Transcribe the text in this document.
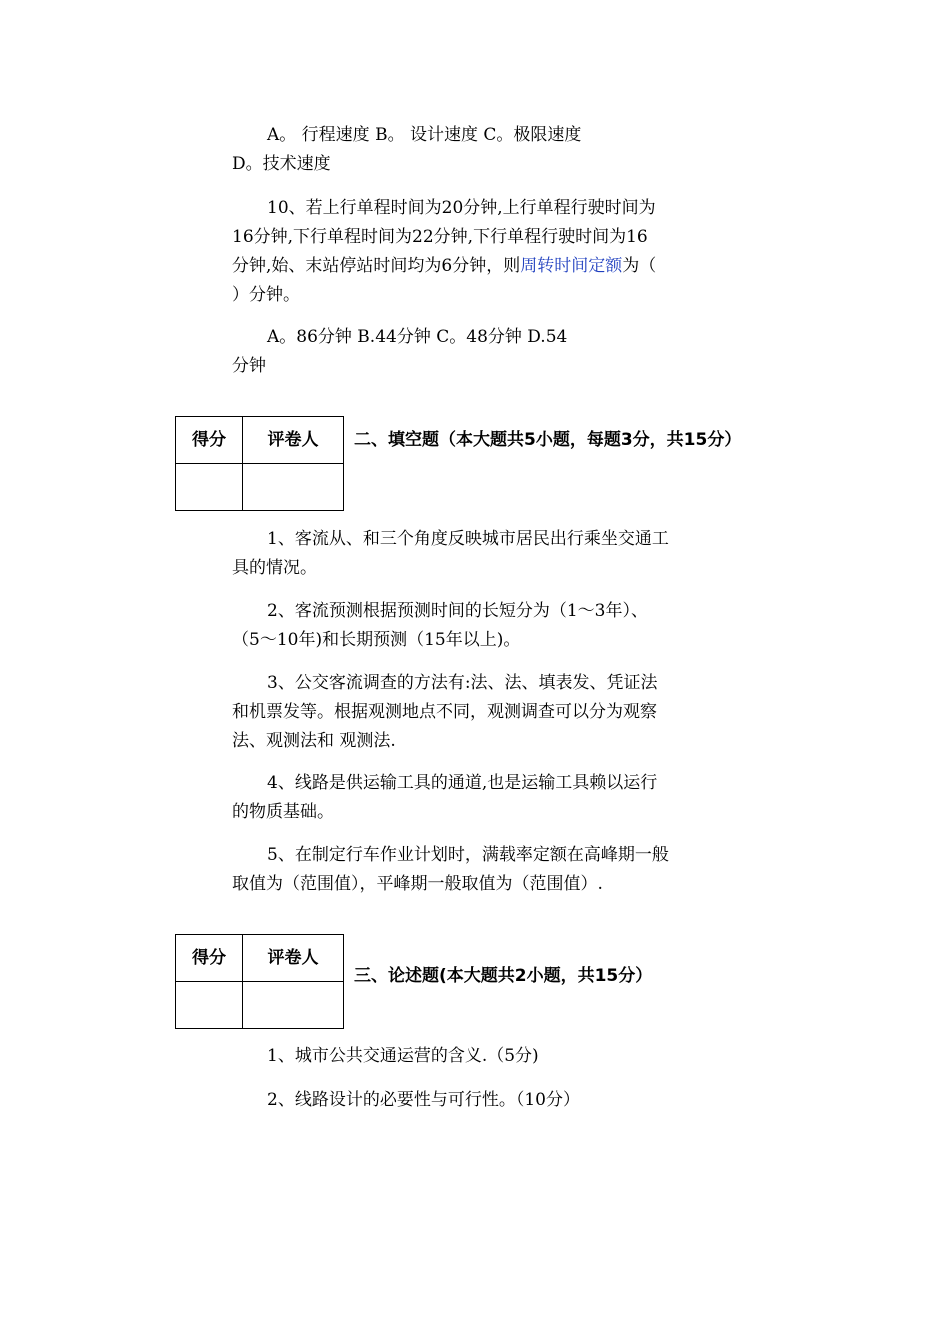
A。 行程速度 B。 设计速度 C。极限速度
D。技术速度
10、若上行单程时间为20分钟,上行单程行驶时间为
16分钟,下行单程时间为22分钟,下行单程行驶时间为16
分钟,始、末站停站时间均为6分钟，则周转时间定额为（
）分钟。
A。86分钟 B.44分钟 C。48分钟 D.54
分钟
得分	评卷人

		二、填空题（本大题共5小题，每题3分，共15分）
1、客流从、和三个角度反映城市居民出行乘坐交通工
具的情况。
2、客流预测根据预测时间的长短分为（1～3年）、
（5～10年)和长期预测（15年以上)。
3、公交客流调查的方法有:法、法、填表发、凭证法
和机票发等。根据观测地点不同，观测调查可以分为观察
法、观测法和 观测法.
4、线路是供运输工具的通道,也是运输工具赖以运行
的物质基础。
5、在制定行车作业计划时，满载率定额在高峰期一般
取值为（范围值），平峰期一般取值为（范围值）.
得分	评卷人

三、论述题(本大题共2小题，共15分）
1、城市公共交通运营的含义.（5分)
2、线路设计的必要性与可行性。（10分）
